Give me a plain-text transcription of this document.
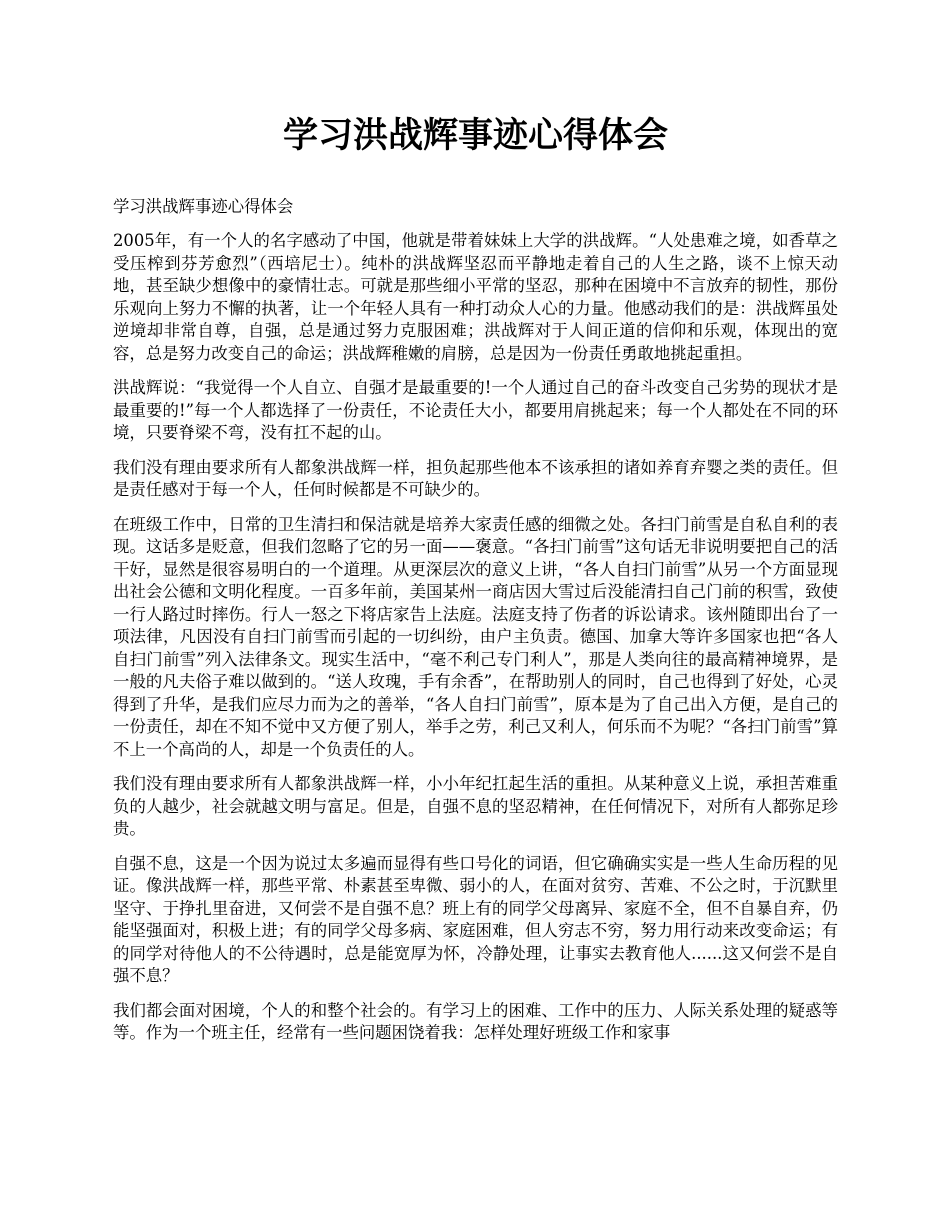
学习洪战辉事迹心得体会

学习洪战辉事迹心得体会

2005年，有一个人的名字感动了中国，他就是带着妹妹上大学的洪战辉。“人处患难之境，如香草之受压榨到芬芳愈烈”（西培尼士）。纯朴的洪战辉坚忍而平静地走着自己的人生之路，谈不上惊天动地，甚至缺少想像中的豪情壮志。可就是那些细小平常的坚忍，那种在困境中不言放弃的韧性，那份乐观向上努力不懈的执著，让一个年轻人具有一种打动众人心的力量。他感动我们的是：洪战辉虽处逆境却非常自尊，自强，总是通过努力克服困难；洪战辉对于人间正道的信仰和乐观，体现出的宽容，总是努力改变自己的命运；洪战辉稚嫩的肩膀，总是因为一份责任勇敢地挑起重担。

洪战辉说：“我觉得一个人自立、自强才是最重要的!一个人通过自己的奋斗改变自己劣势的现状才是最重要的!”每一个人都选择了一份责任，不论责任大小，都要用肩挑起来；每一个人都处在不同的环境，只要脊梁不弯，没有扛不起的山。

我们没有理由要求所有人都象洪战辉一样，担负起那些他本不该承担的诸如养育弃婴之类的责任。但是责任感对于每一个人，任何时候都是不可缺少的。

在班级工作中，日常的卫生清扫和保洁就是培养大家责任感的细微之处。各扫门前雪是自私自利的表现。这话多是贬意，但我们忽略了它的另一面——褒意。“各扫门前雪”这句话无非说明要把自己的活干好，显然是很容易明白的一个道理。从更深层次的意义上讲，“各人自扫门前雪”从另一个方面显现出社会公德和文明化程度。一百多年前，美国某州一商店因大雪过后没能清扫自己门前的积雪，致使一行人路过时摔伤。行人一怒之下将店家告上法庭。法庭支持了伤者的诉讼请求。该州随即出台了一项法律，凡因没有自扫门前雪而引起的一切纠纷，由户主负责。德国、加拿大等许多国家也把“各人自扫门前雪”列入法律条文。现实生活中，“毫不利己专门利人”，那是人类向往的最高精神境界，是一般的凡夫俗子难以做到的。“送人玫瑰，手有余香”，在帮助别人的同时，自己也得到了好处，心灵得到了升华，是我们应尽力而为之的善举，“各人自扫门前雪”，原本是为了自己出入方便，是自己的一份责任，却在不知不觉中又方便了别人，举手之劳，利己又利人，何乐而不为呢？“各扫门前雪”算不上一个高尚的人，却是一个负责任的人。

我们没有理由要求所有人都象洪战辉一样，小小年纪扛起生活的重担。从某种意义上说，承担苦难重负的人越少，社会就越文明与富足。但是，自强不息的坚忍精神，在任何情况下，对所有人都弥足珍贵。

自强不息，这是一个因为说过太多遍而显得有些口号化的词语，但它确确实实是一些人生命历程的见证。像洪战辉一样，那些平常、朴素甚至卑微、弱小的人，在面对贫穷、苦难、不公之时，于沉默里坚守、于挣扎里奋进，又何尝不是自强不息？班上有的同学父母离异、家庭不全，但不自暴自弃，仍能坚强面对，积极上进；有的同学父母多病、家庭困难，但人穷志不穷，努力用行动来改变命运；有的同学对待他人的不公待遇时，总是能宽厚为怀，冷静处理，让事实去教育他人......这又何尝不是自强不息？

我们都会面对困境，个人的和整个社会的。有学习上的困难、工作中的压力、人际关系处理的疑惑等等。作为一个班主任，经常有一些问题困饶着我：怎样处理好班级工作和家事
